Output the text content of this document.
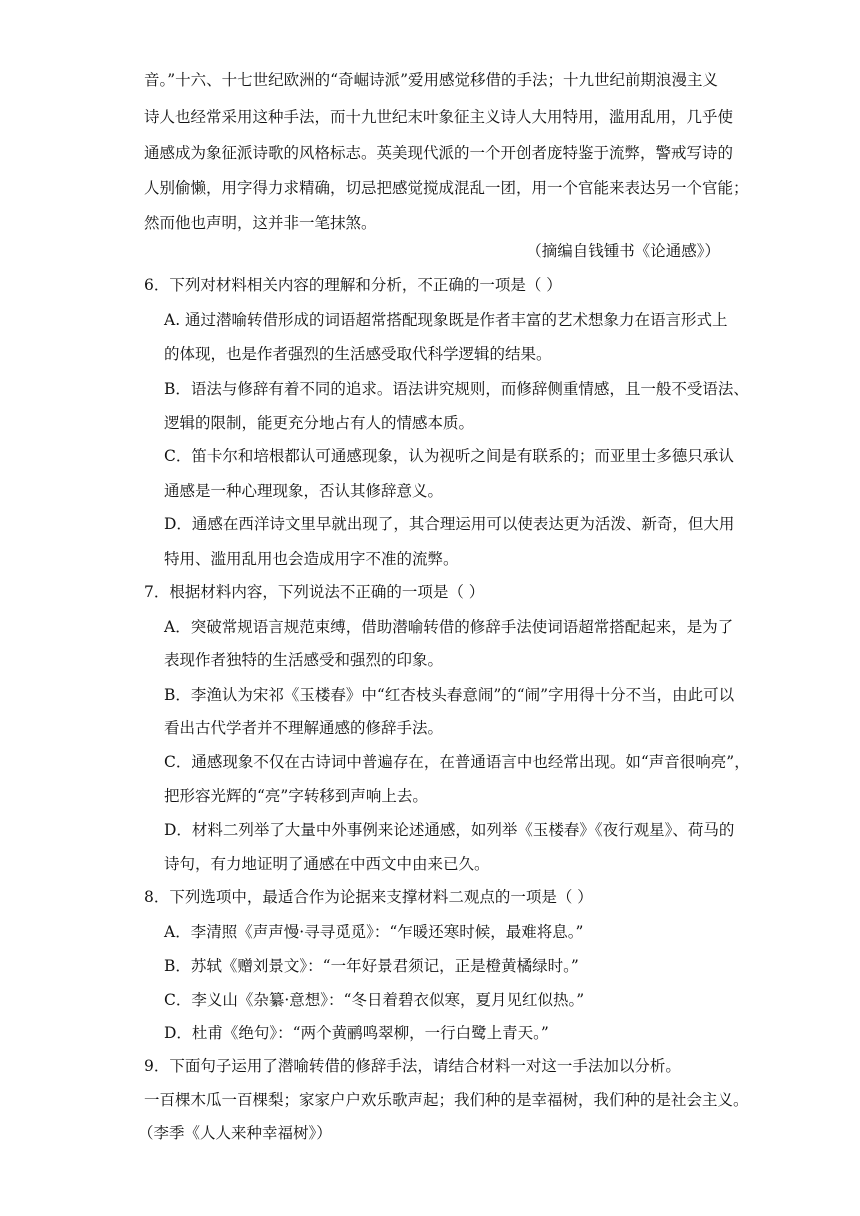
音。”十六、十七世纪欧洲的“奇崛诗派”爱用感觉移借的手法；十九世纪前期浪漫主义
诗人也经常采用这种手法，而十九世纪末叶象征主义诗人大用特用，滥用乱用，几乎使
通感成为象征派诗歌的风格标志。英美现代派的一个开创者庞特鉴于流弊，警戒写诗的
人别偷懒，用字得力求精确，切忌把感觉搅成混乱一团，用一个官能来表达另一个官能；
然而他也声明，这并非一笔抹煞。
（摘编自钱锺书《论通感》）
6．下列对材料相关内容的理解和分析，不正确的一项是（ ）
A. 通过潜喻转借形成的词语超常搭配现象既是作者丰富的艺术想象力在语言形式上
的体现，也是作者强烈的生活感受取代科学逻辑的结果。
B．语法与修辞有着不同的追求。语法讲究规则，而修辞侧重情感，且一般不受语法、
逻辑的限制，能更充分地占有人的情感本质。
C．笛卡尔和培根都认可通感现象，认为视听之间是有联系的；而亚里士多德只承认
通感是一种心理现象，否认其修辞意义。
D．通感在西洋诗文里早就出现了，其合理运用可以使表达更为活泼、新奇，但大用
特用、滥用乱用也会造成用字不准的流弊。
7．根据材料内容，下列说法不正确的一项是（ ）
A．突破常规语言规范束缚，借助潜喻转借的修辞手法使词语超常搭配起来，是为了
表现作者独特的生活感受和强烈的印象。
B．李渔认为宋祁《玉楼春》中“红杏枝头春意闹”的“闹”字用得十分不当，由此可以
看出古代学者并不理解通感的修辞手法。
C．通感现象不仅在古诗词中普遍存在，在普通语言中也经常出现。如“声音很响亮”，
把形容光辉的“亮”字转移到声响上去。
D．材料二列举了大量中外事例来论述通感，如列举《玉楼春》《夜行观星》、荷马的
诗句，有力地证明了通感在中西文中由来已久。
8．下列选项中，最适合作为论据来支撑材料二观点的一项是（ ）
A．李清照《声声慢·寻寻觅觅》：“乍暖还寒时候，最难将息。”
B．苏轼《赠刘景文》：“一年好景君须记，正是橙黄橘绿时。”
C．李义山《杂纂·意想》：“冬日着碧衣似寒，夏月见红似热。”
D．杜甫《绝句》：“两个黄鹂鸣翠柳，一行白鹭上青天。”
9．下面句子运用了潜喻转借的修辞手法，请结合材料一对这一手法加以分析。
一百棵木瓜一百棵梨；家家户户欢乐歌声起；我们种的是幸福树，我们种的是社会主义。
（李季《人人来种幸福树》）
